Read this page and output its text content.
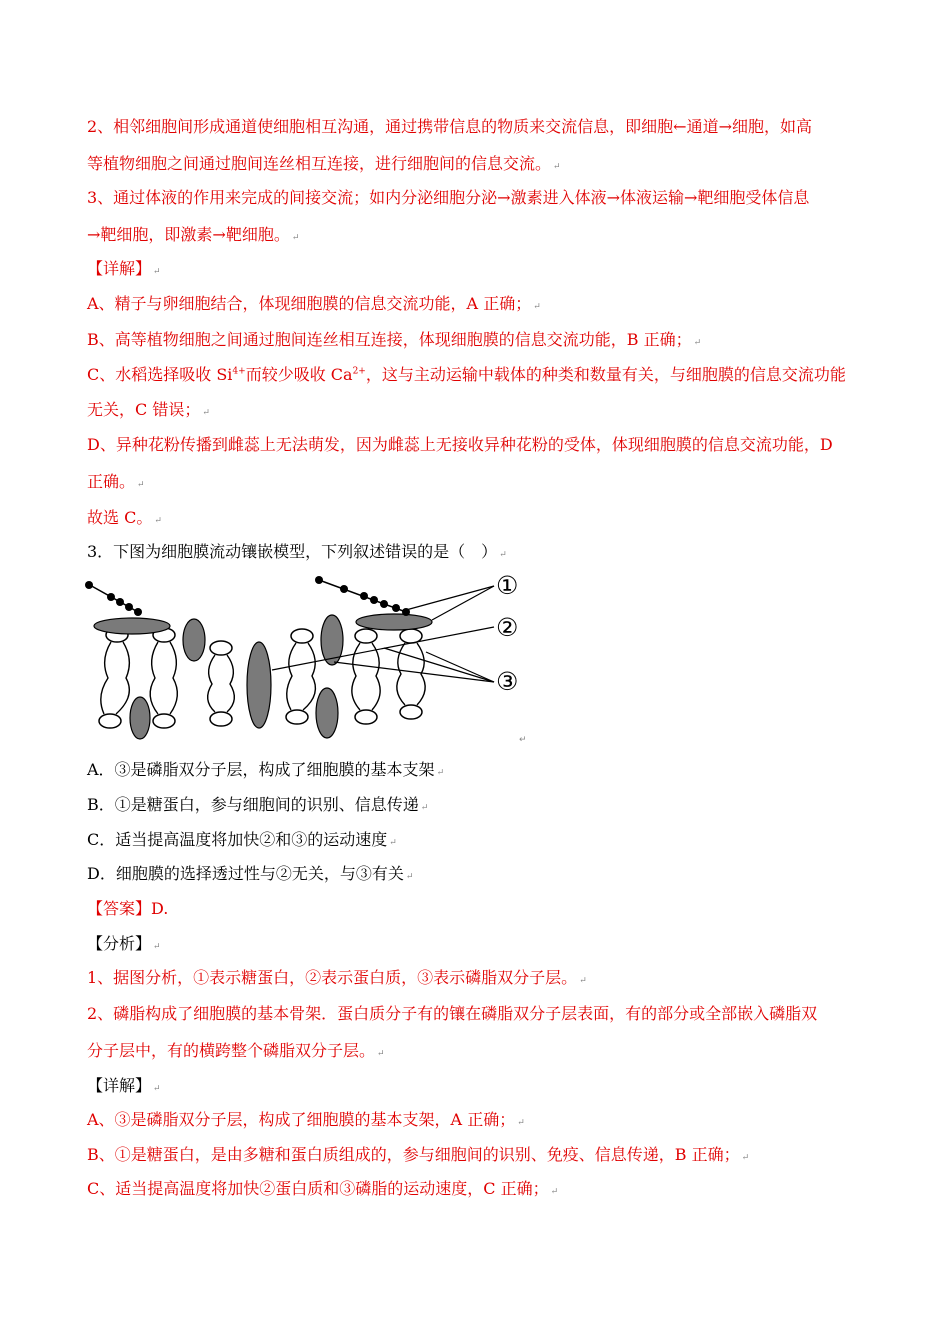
2、相邻细胞间形成通道使细胞相互沟通，通过携带信息的物质来交流信息，即细胞←通道→细胞，如高
等植物细胞之间通过胞间连丝相互连接，进行细胞间的信息交流。 ↵
3、通过体液的作用来完成的间接交流；如内分泌细胞分泌→激素进入体液→体液运输→靶细胞受体信息
→靶细胞，即激素→靶细胞。 ↵
【详解】 ↵
A、精子与卵细胞结合，体现细胞膜的信息交流功能，A 正确； ↵
B、高等植物细胞之间通过胞间连丝相互连接，体现细胞膜的信息交流功能，B 正确； ↵
C、水稻选择吸收 $Si^{4+}$而较少吸收 $Ca^{2+}$，这与主动运输中载体的种类和数量有关，与细胞膜的信息交流功能
无关，C 错误； ↵
D、异种花粉传播到雌蕊上无法萌发，因为雌蕊上无接收异种花粉的受体，体现细胞膜的信息交流功能，D
正确。 ↵
故选 C。 ↵
3．下图为细胞膜流动镶嵌模型，下列叙述错误的是（　） ↵
A．③是磷脂双分子层，构成了细胞膜的基本支架 ↵
B．①是糖蛋白，参与细胞间的识别、信息传递 ↵
C．适当提高温度将加快②和③的运动速度 ↵
D．细胞膜的选择透过性与②无关，与③有关 ↵
【答案】D.
【分析】 ↵
1、据图分析，①表示糖蛋白，②表示蛋白质，③表示磷脂双分子层。 ↵
2、磷脂构成了细胞膜的基本骨架．蛋白质分子有的镶在磷脂双分子层表面，有的部分或全部嵌入磷脂双
分子层中，有的横跨整个磷脂双分子层。 ↵
【详解】 ↵
A、③是磷脂双分子层，构成了细胞膜的基本支架，A 正确； ↵
B、①是糖蛋白，是由多糖和蛋白质组成的，参与细胞间的识别、免疫、信息传递，B 正确； ↵
C、适当提高温度将加快②蛋白质和③磷脂的运动速度，C 正确； ↵
①
②
③
↵
